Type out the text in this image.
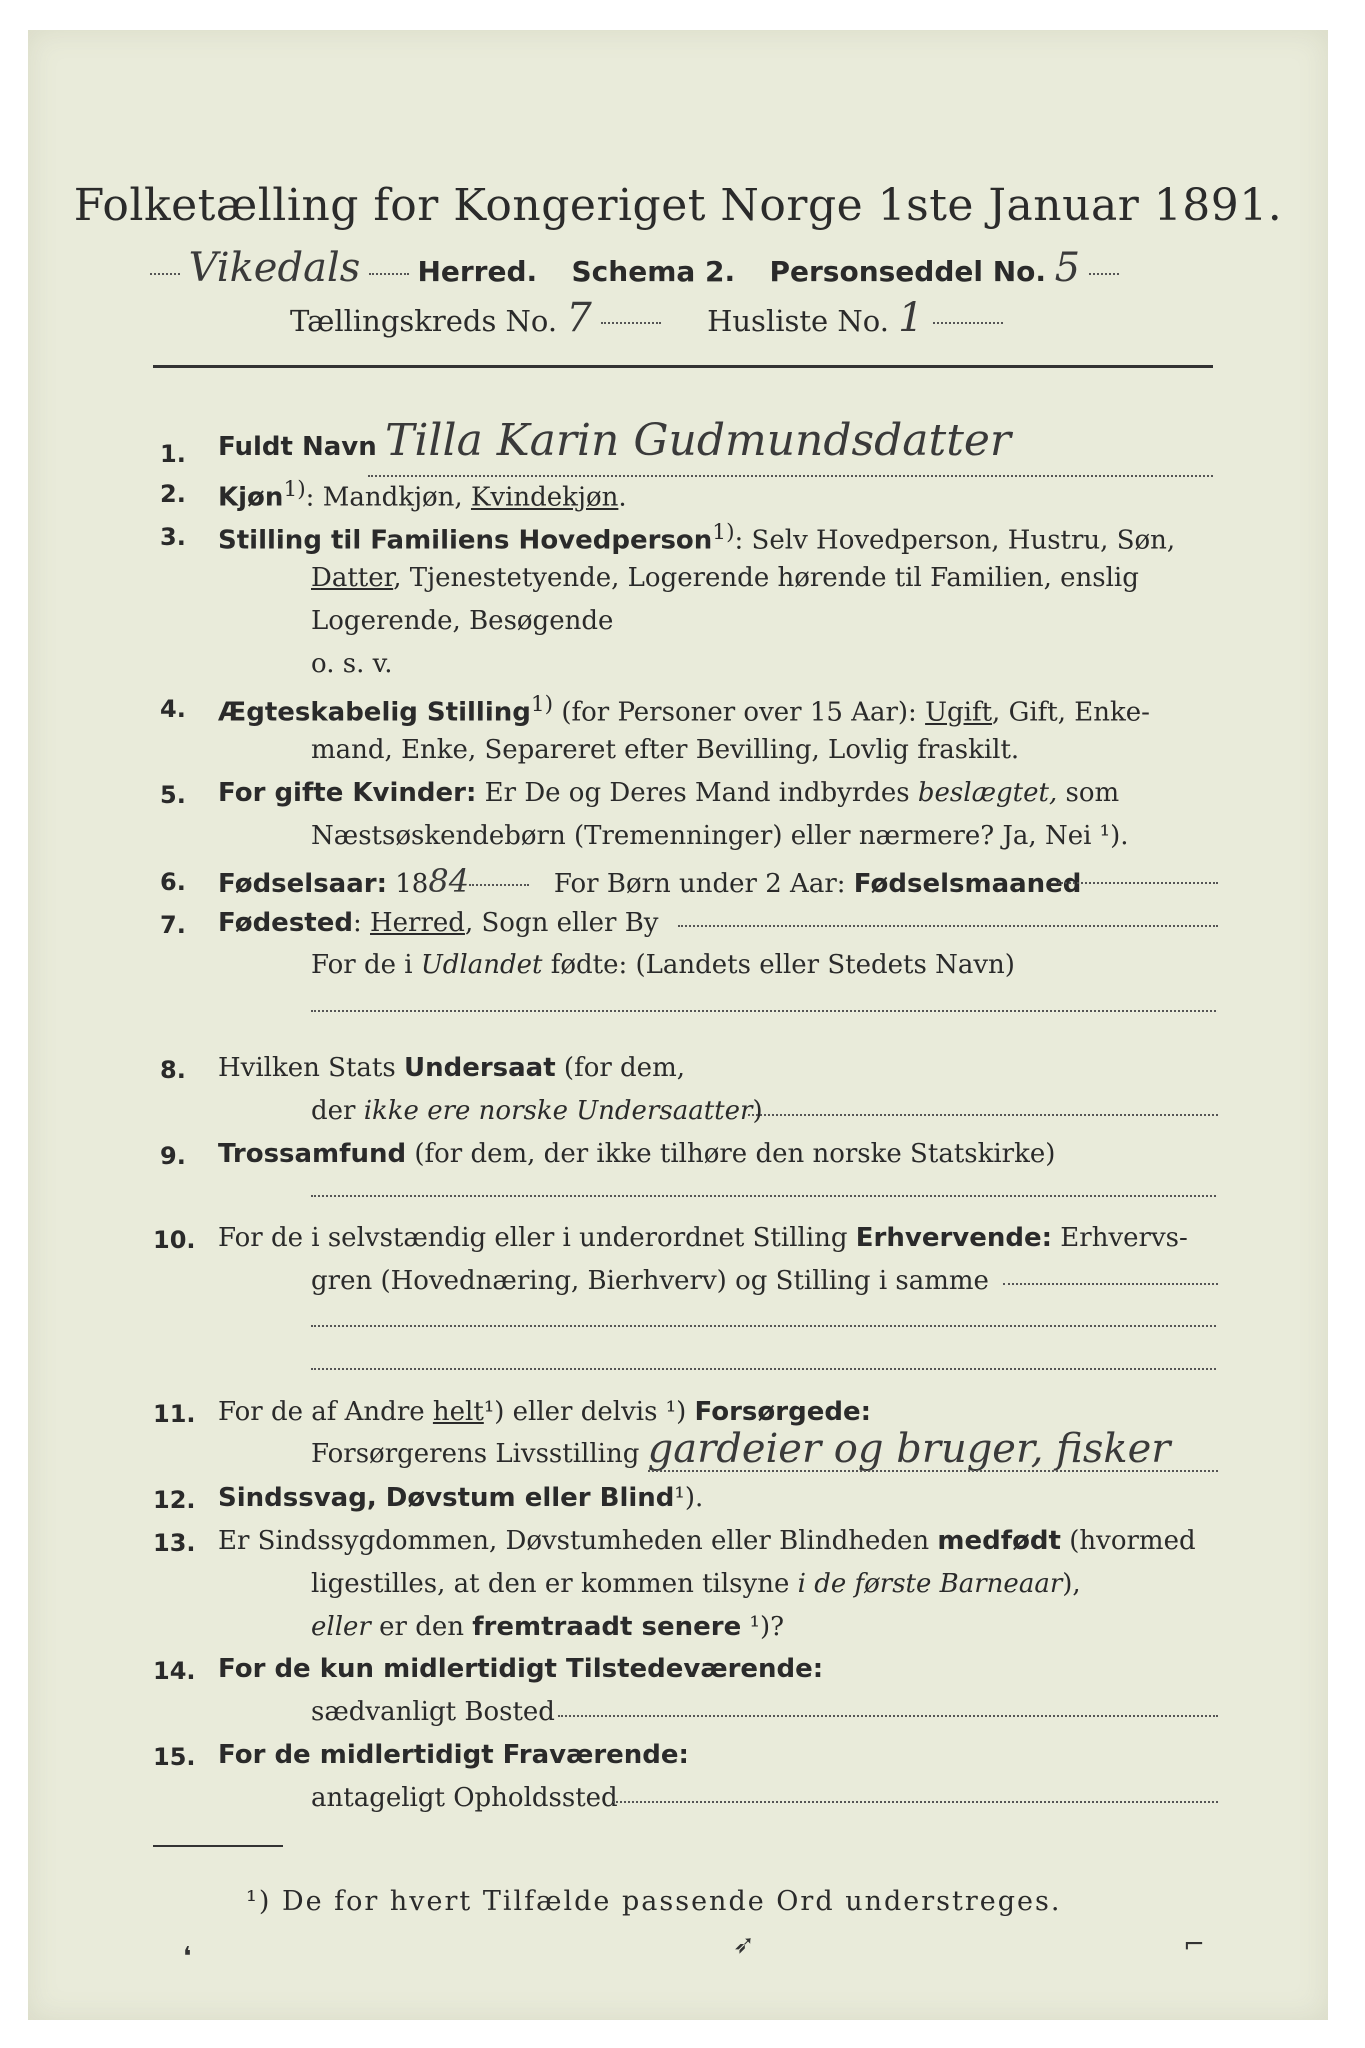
Folketælling for Kongeriget Norge 1ste Januar 1891.
Vikedals Herred. Schema 2. Personseddel No. 5
Tællingskreds No. 7	Husliste No. 1
1. Fuldt Navn Tilla Karin Gudmundsdatter
2. Kjøn$^{1)}$: Mandkjøn, Kvindekjøn.
3. Stilling til Familiens Hovedperson$^{1)}$: Selv Hovedperson, Hustru, Søn,
Datter, Tjenestetyende, Logerende hørende til Familien, enslig
Logerende, Besøgende
o. s. v.
4. Ægteskabelig Stilling$^{1)}$ (for Personer over 15 Aar): Ugift, Gift, Enke-
mand, Enke, Separeret efter Bevilling, Lovlig fraskilt.
5. For gifte Kvinder: Er De og Deres Mand indbyrdes beslægtet, som
Næstsøskendebørn (Tremenninger) eller nærmere? Ja, Nei ¹).
6. Fødselsaar: 1884	For Børn under 2 Aar: Fødselsmaaned
7. Fødested: Herred, Sogn eller By
For de i Udlandet fødte: (Landets eller Stedets Navn)
8. Hvilken Stats Undersaat (for dem,
der ikke ere norske Undersaatter)
9. Trossamfund (for dem, der ikke tilhøre den norske Statskirke)
10. For de i selvstændig eller i underordnet Stilling Erhvervende: Erhvervs-
gren (Hovednæring, Bierhverv) og Stilling i samme
11. For de af Andre helt¹) eller delvis ¹) Forsørgede:
Forsørgerens Livsstilling gardeier og bruger, fisker
12. Sindssvag, Døvstum eller Blind¹).
13. Er Sindssygdommen, Døvstumheden eller Blindheden medfødt (hvormed
ligestilles, at den er kommen tilsyne i de første Barneaar),
eller er den fremtraadt senere ¹)?
14. For de kun midlertidigt Tilstedeværende:
sædvanligt Bosted
15. For de midlertidigt Fraværende:
antageligt Opholdssted
¹) De for hvert Tilfælde passende Ord understreges.
❛	➶	⌐
